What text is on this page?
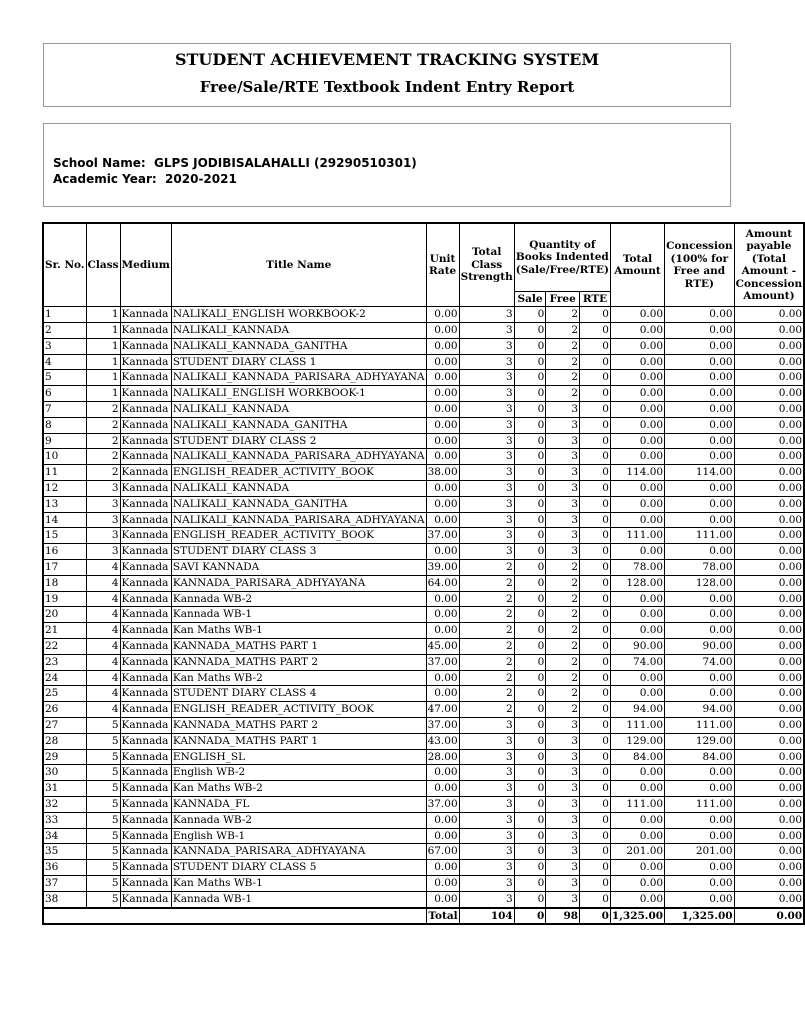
STUDENT ACHIEVEMENT TRACKING SYSTEM
Free/Sale/RTE Textbook Indent Entry Report
School Name: GLPS JODIBISALAHALLI (29290510301)
Academic Year: 2020-2021
Sr. No.	Class	Medium	Title Name	Unit Rate	Total Class Strength	Quantity of Books Indented (Sale/Free/RTE)			Total Amount	Concession (100% for Free and RTE)	Amount payable (Total Amount - Concession Amount)
						Sale	Free	RTE			
1	1	Kannada	NALIKALI_ENGLISH WORKBOOK-2	0.00	3	0	2	0	0.00	0.00	0.00
2	1	Kannada	NALIKALI_KANNADA	0.00	3	0	2	0	0.00	0.00	0.00
3	1	Kannada	NALIKALI_KANNADA_GANITHA	0.00	3	0	2	0	0.00	0.00	0.00
4	1	Kannada	STUDENT DIARY CLASS 1	0.00	3	0	2	0	0.00	0.00	0.00
5	1	Kannada	NALIKALI_KANNADA_PARISARA_ADHYAYANA	0.00	3	0	2	0	0.00	0.00	0.00
6	1	Kannada	NALIKALI_ENGLISH WORKBOOK-1	0.00	3	0	2	0	0.00	0.00	0.00
7	2	Kannada	NALIKALI_KANNADA	0.00	3	0	3	0	0.00	0.00	0.00
8	2	Kannada	NALIKALI_KANNADA_GANITHA	0.00	3	0	3	0	0.00	0.00	0.00
9	2	Kannada	STUDENT DIARY CLASS 2	0.00	3	0	3	0	0.00	0.00	0.00
10	2	Kannada	NALIKALI_KANNADA_PARISARA_ADHYAYANA	0.00	3	0	3	0	0.00	0.00	0.00
11	2	Kannada	ENGLISH_READER_ACTIVITY_BOOK	38.00	3	0	3	0	114.00	114.00	0.00
12	3	Kannada	NALIKALI_KANNADA	0.00	3	0	3	0	0.00	0.00	0.00
13	3	Kannada	NALIKALI_KANNADA_GANITHA	0.00	3	0	3	0	0.00	0.00	0.00
14	3	Kannada	NALIKALI_KANNADA_PARISARA_ADHYAYANA	0.00	3	0	3	0	0.00	0.00	0.00
15	3	Kannada	ENGLISH_READER_ACTIVITY_BOOK	37.00	3	0	3	0	111.00	111.00	0.00
16	3	Kannada	STUDENT DIARY CLASS 3	0.00	3	0	3	0	0.00	0.00	0.00
17	4	Kannada	SAVI KANNADA	39.00	2	0	2	0	78.00	78.00	0.00
18	4	Kannada	KANNADA_PARISARA_ADHYAYANA	64.00	2	0	2	0	128.00	128.00	0.00
19	4	Kannada	Kannada WB-2	0.00	2	0	2	0	0.00	0.00	0.00
20	4	Kannada	Kannada WB-1	0.00	2	0	2	0	0.00	0.00	0.00
21	4	Kannada	Kan Maths WB-1	0.00	2	0	2	0	0.00	0.00	0.00
22	4	Kannada	KANNADA_MATHS PART 1	45.00	2	0	2	0	90.00	90.00	0.00
23	4	Kannada	KANNADA_MATHS PART 2	37.00	2	0	2	0	74.00	74.00	0.00
24	4	Kannada	Kan Maths WB-2	0.00	2	0	2	0	0.00	0.00	0.00
25	4	Kannada	STUDENT DIARY CLASS 4	0.00	2	0	2	0	0.00	0.00	0.00
26	4	Kannada	ENGLISH_READER_ACTIVITY_BOOK	47.00	2	0	2	0	94.00	94.00	0.00
27	5	Kannada	KANNADA_MATHS PART 2	37.00	3	0	3	0	111.00	111.00	0.00
28	5	Kannada	KANNADA_MATHS PART 1	43.00	3	0	3	0	129.00	129.00	0.00
29	5	Kannada	ENGLISH_SL	28.00	3	0	3	0	84.00	84.00	0.00
30	5	Kannada	English WB-2	0.00	3	0	3	0	0.00	0.00	0.00
31	5	Kannada	Kan Maths WB-2	0.00	3	0	3	0	0.00	0.00	0.00
32	5	Kannada	KANNADA_FL	37.00	3	0	3	0	111.00	111.00	0.00
33	5	Kannada	Kannada WB-2	0.00	3	0	3	0	0.00	0.00	0.00
34	5	Kannada	English WB-1	0.00	3	0	3	0	0.00	0.00	0.00
35	5	Kannada	KANNADA_PARISARA_ADHYAYANA	67.00	3	0	3	0	201.00	201.00	0.00
36	5	Kannada	STUDENT DIARY CLASS 5	0.00	3	0	3	0	0.00	0.00	0.00
37	5	Kannada	Kan Maths WB-1	0.00	3	0	3	0	0.00	0.00	0.00
38	5	Kannada	Kannada WB-1	0.00	3	0	3	0	0.00	0.00	0.00
				Total	104	0	98	0	1,325.00	1,325.00	0.00
